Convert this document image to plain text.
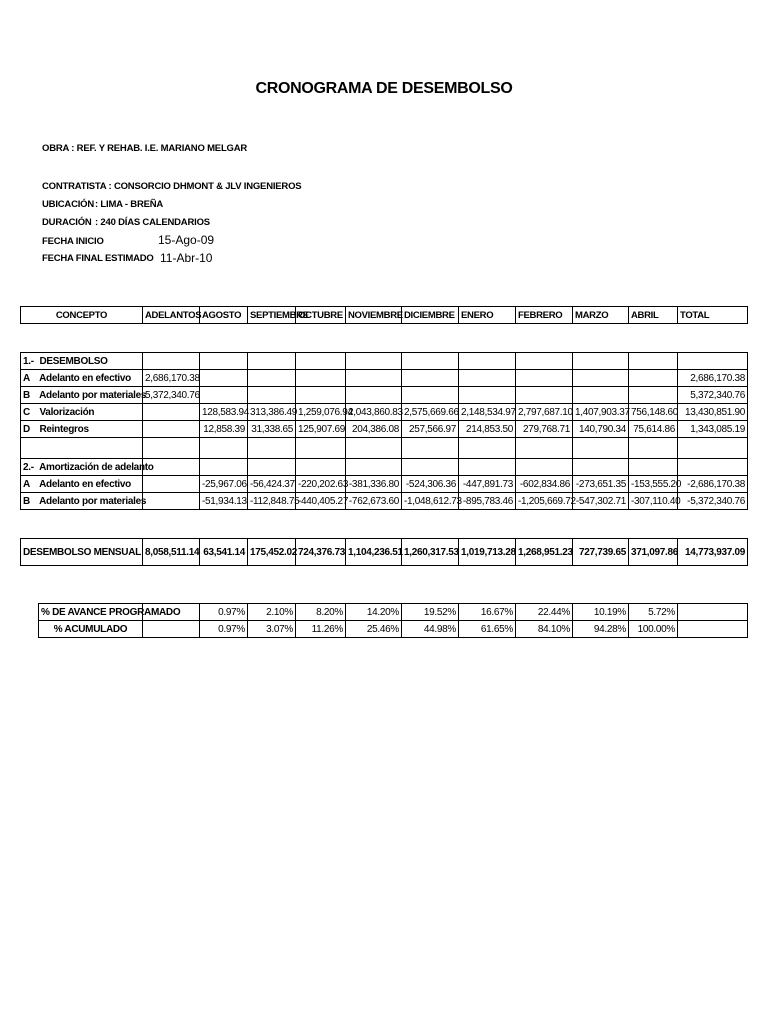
CRONOGRAMA DE DESEMBOLSO
OBRA : REF. Y REHAB. I.E. MARIANO MELGAR
CONTRATISTA : CONSORCIO DHMONT & JLV INGENIEROS
UBICACIÓN : LIMA - BREÑA
DURACIÓN : 240 DÍAS CALENDARIOS
FECHA INICIO	15-Ago-09
FECHA FINAL ESTIMADO 11-Abr-10
CONCEPTO	ADELANTOS	AGOSTO	SEPTIEMBRE	OCTUBRE	NOVIEMBRE	DICIEMBRE	ENERO	FEBRERO	MARZO	ABRIL	TOTAL
1.- DESEMBOLSO											
A Adelanto en efectivo	2,686,170.38										2,686,170.38
B Adelanto por materiales	5,372,340.76										5,372,340.76
C Valorización		128,583.94	313,386.49	1,259,076.94	2,043,860.83	2,575,669.66	2,148,534.97	2,797,687.10	1,407,903.37	756,148.60	13,430,851.90
D Reintegros		12,858.39	31,338.65	125,907.69	204,386.08	257,566.97	214,853.50	279,768.71	140,790.34	75,614.86	1,343,085.19

2.- Amortización de adelanto											
A Adelanto en efectivo		-25,967.06	-56,424.37	-220,202.63	-381,336.80	-524,306.36	-447,891.73	-602,834.86	-273,651.35	-153,555.20	-2,686,170.38
B Adelanto por materiales		-51,934.13	-112,848.75	-440,405.27	-762,673.60	-1,048,612.73	-895,783.46	-1,205,669.72	-547,302.71	-307,110.40	-5,372,340.76
DESEMBOLSO MENSUAL	8,058,511.14	63,541.14	175,452.02	724,376.73	1,104,236.51	1,260,317.53	1,019,713.28	1,268,951.23	727,739.65	371,097.86	14,773,937.09
% DE AVANCE PROGRAMADO		0.97%	2.10%	8.20%	14.20%	19.52%	16.67%	22.44%	10.19%	5.72%	
% ACUMULADO		0.97%	3.07%	11.26%	25.46%	44.98%	61.65%	84.10%	94.28%	100.00%	
